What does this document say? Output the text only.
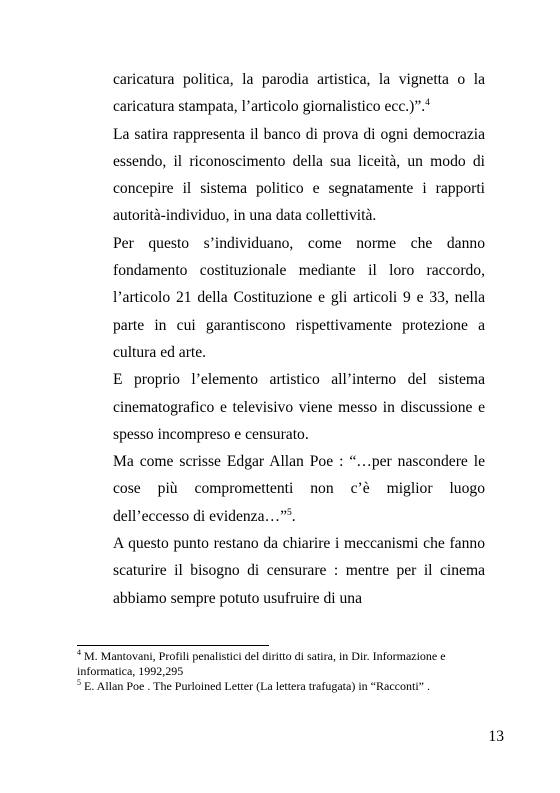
caricatura politica, la parodia artistica, la vignetta o la caricatura stampata, l’articolo giornalistico ecc.)”.$^4$

La satira rappresenta il banco di prova di ogni democrazia essendo, il riconoscimento della sua liceità, un modo di concepire il sistema politico e segnatamente i rapporti autorità-individuo, in una data collettività.

Per questo s’individuano, come norme che danno fondamento costituzionale mediante il loro raccordo, l’articolo 21 della Costituzione e gli articoli 9 e 33, nella parte in cui garantiscono rispettivamente protezione a cultura ed arte.

E proprio l’elemento artistico all’interno del sistema cinematografico e televisivo viene messo in discussione e spesso incompreso e censurato.

Ma come scrisse Edgar Allan Poe : “…per nascondere le cose più compromettenti non c’è miglior luogo dell’eccesso di evidenza…”$^5$.

A questo punto restano da chiarire i meccanismi che fanno scaturire il bisogno di censurare : mentre per il cinema abbiamo sempre potuto usufruire di una

$^4$ M. Mantovani, Profili penalistici del diritto di satira, in Dir. Informazione e informatica, 1992,295

$^5$ E. Allan Poe . The Purloined Letter (La lettera trafugata) in “Racconti” .

13
